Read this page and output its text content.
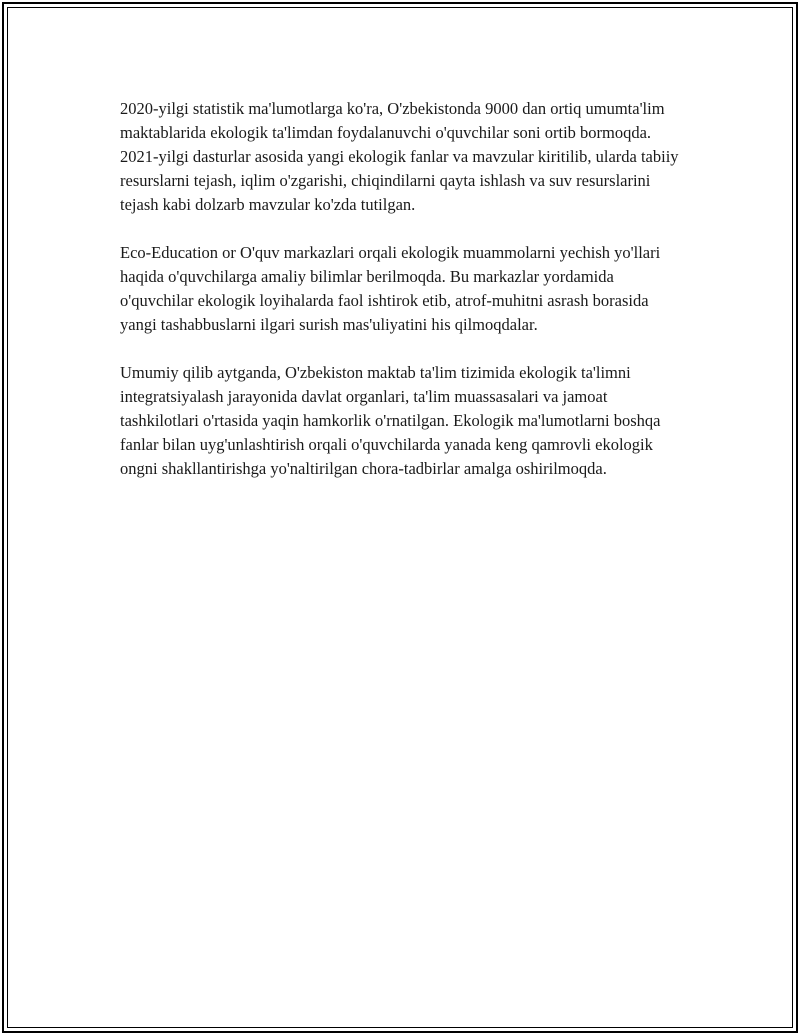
2020-yilgi statistik ma'lumotlarga ko'ra, O'zbekistonda 9000 dan ortiq umumta'lim maktablarida ekologik ta'limdan foydalanuvchi o'quvchilar soni ortib bormoqda. 2021-yilgi dasturlar asosida yangi ekologik fanlar va mavzular kiritilib, ularda tabiiy resurslarni tejash, iqlim o'zgarishi, chiqindilarni qayta ishlash va suv resurslarini tejash kabi dolzarb mavzular ko'zda tutilgan.

Eco-Education or O'quv markazlari orqali ekologik muammolarni yechish yo'llari haqida o'quvchilarga amaliy bilimlar berilmoqda. Bu markazlar yordamida o'quvchilar ekologik loyihalarda faol ishtirok etib, atrof-muhitni asrash borasida yangi tashabbuslarni ilgari surish mas'uliyatini his qilmoqdalar.

Umumiy qilib aytganda, O'zbekiston maktab ta'lim tizimida ekologik ta'limni integratsiyalash jarayonida davlat organlari, ta'lim muassasalari va jamoat tashkilotlari o'rtasida yaqin hamkorlik o'rnatilgan. Ekologik ma'lumotlarni boshqa fanlar bilan uyg'unlashtirish orqali o'quvchilarda yanada keng qamrovli ekologik ongni shakllantirishga yo'naltirilgan chora-tadbirlar amalga oshirilmoqda.
